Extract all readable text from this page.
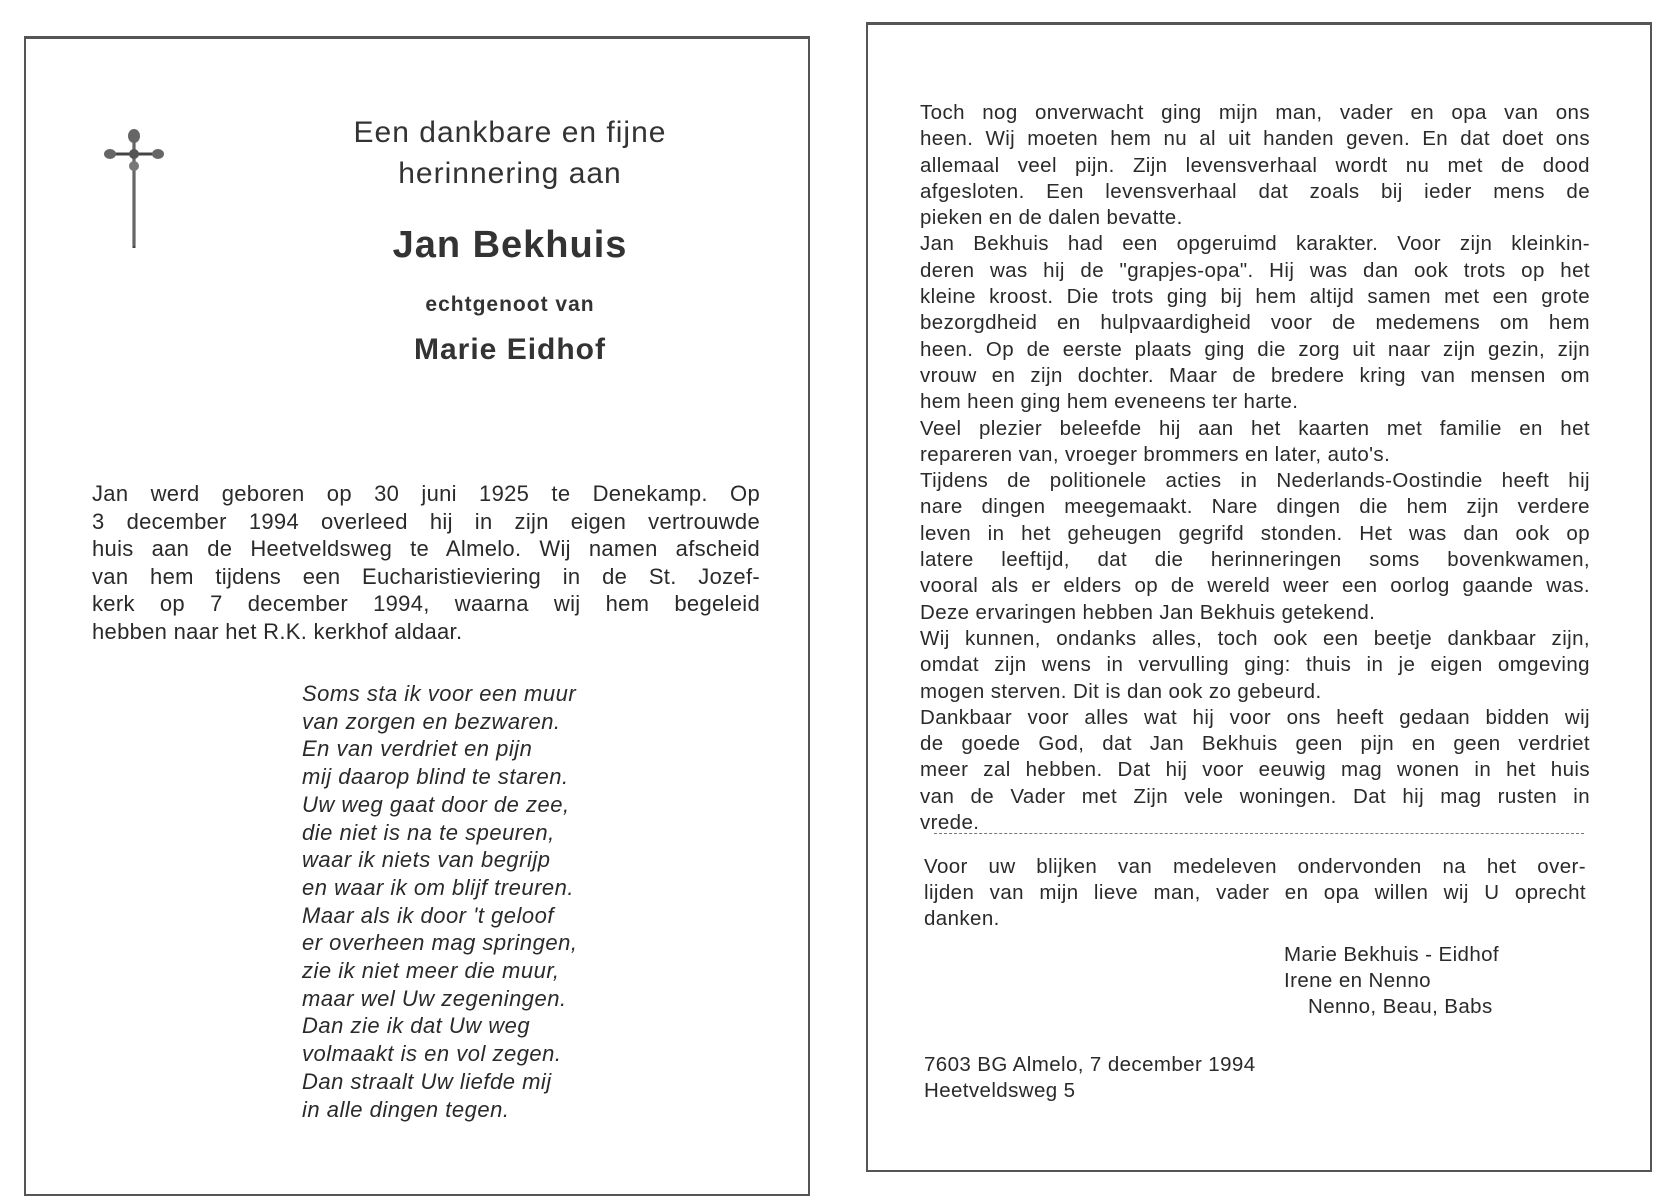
Een dankbare en fijne
herinnering aan
Jan Bekhuis
echtgenoot van
Marie Eidhof
Jan werd geboren op 30 juni 1925 te Denekamp. Op
3 december 1994 overleed hij in zijn eigen vertrouwde
huis aan de Heetveldsweg te Almelo. Wij namen afscheid
van hem tijdens een Eucharistieviering in de St. Jozef-
kerk op 7 december 1994, waarna wij hem begeleid
hebben naar het R.K. kerkhof aldaar.
Soms sta ik voor een muur
van zorgen en bezwaren.
En van verdriet en pijn
mij daarop blind te staren.
Uw weg gaat door de zee,
die niet is na te speuren,
waar ik niets van begrijp
en waar ik om blijf treuren.
Maar als ik door 't geloof
er overheen mag springen,
zie ik niet meer die muur,
maar wel Uw zegeningen.
Dan zie ik dat Uw weg
volmaakt is en vol zegen.
Dan straalt Uw liefde mij
in alle dingen tegen.
Toch nog onverwacht ging mijn man, vader en opa van ons
heen. Wij moeten hem nu al uit handen geven. En dat doet ons
allemaal veel pijn. Zijn levensverhaal wordt nu met de dood
afgesloten. Een levensverhaal dat zoals bij ieder mens de
pieken en de dalen bevatte.
Jan Bekhuis had een opgeruimd karakter. Voor zijn kleinkin-
deren was hij de "grapjes-opa". Hij was dan ook trots op het
kleine kroost. Die trots ging bij hem altijd samen met een grote
bezorgdheid en hulpvaardigheid voor de medemens om hem
heen. Op de eerste plaats ging die zorg uit naar zijn gezin, zijn
vrouw en zijn dochter. Maar de bredere kring van mensen om
hem heen ging hem eveneens ter harte.
Veel plezier beleefde hij aan het kaarten met familie en het
repareren van, vroeger brommers en later, auto's.
Tijdens de politionele acties in Nederlands-Oostindie heeft hij
nare dingen meegemaakt. Nare dingen die hem zijn verdere
leven in het geheugen gegrifd stonden. Het was dan ook op
latere leeftijd, dat die herinneringen soms bovenkwamen,
vooral als er elders op de wereld weer een oorlog gaande was.
Deze ervaringen hebben Jan Bekhuis getekend.
Wij kunnen, ondanks alles, toch ook een beetje dankbaar zijn,
omdat zijn wens in vervulling ging: thuis in je eigen omgeving
mogen sterven. Dit is dan ook zo gebeurd.
Dankbaar voor alles wat hij voor ons heeft gedaan bidden wij
de goede God, dat Jan Bekhuis geen pijn en geen verdriet
meer zal hebben. Dat hij voor eeuwig mag wonen in het huis
van de Vader met Zijn vele woningen. Dat hij mag rusten in
vrede.
Voor uw blijken van medeleven ondervonden na het over-
lijden van mijn lieve man, vader en opa willen wij U oprecht
danken.
Marie Bekhuis - Eidhof
Irene en Nenno
Nenno, Beau, Babs
7603 BG Almelo, 7 december 1994
Heetveldsweg 5
